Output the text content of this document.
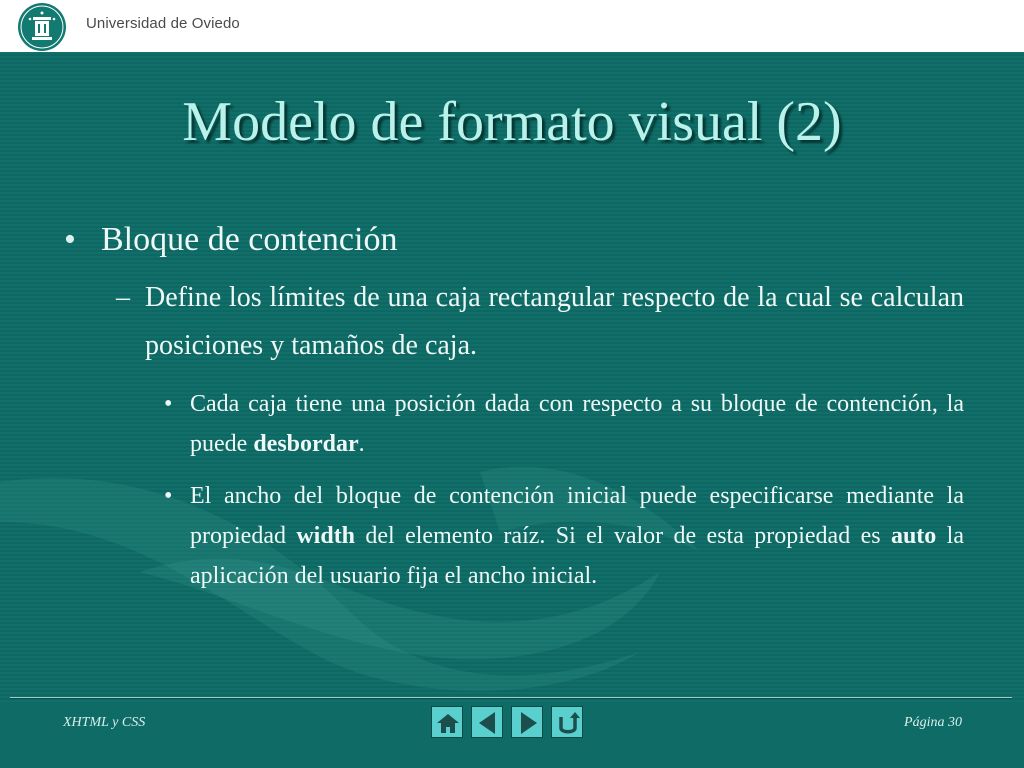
Universidad de Oviedo
Modelo de formato visual (2)
• Bloque de contención
– Define los límites de una caja rectangular respecto de la cual se calculan posiciones y tamaños de caja.
• Cada caja tiene una posición dada con respecto a su bloque de contención, la puede desbordar.
• El ancho del bloque de contención inicial puede especificarse mediante la propiedad width del elemento raíz. Si el valor de esta propiedad es auto la aplicación del usuario fija el ancho inicial.
XHTML y CSS	Página 30
